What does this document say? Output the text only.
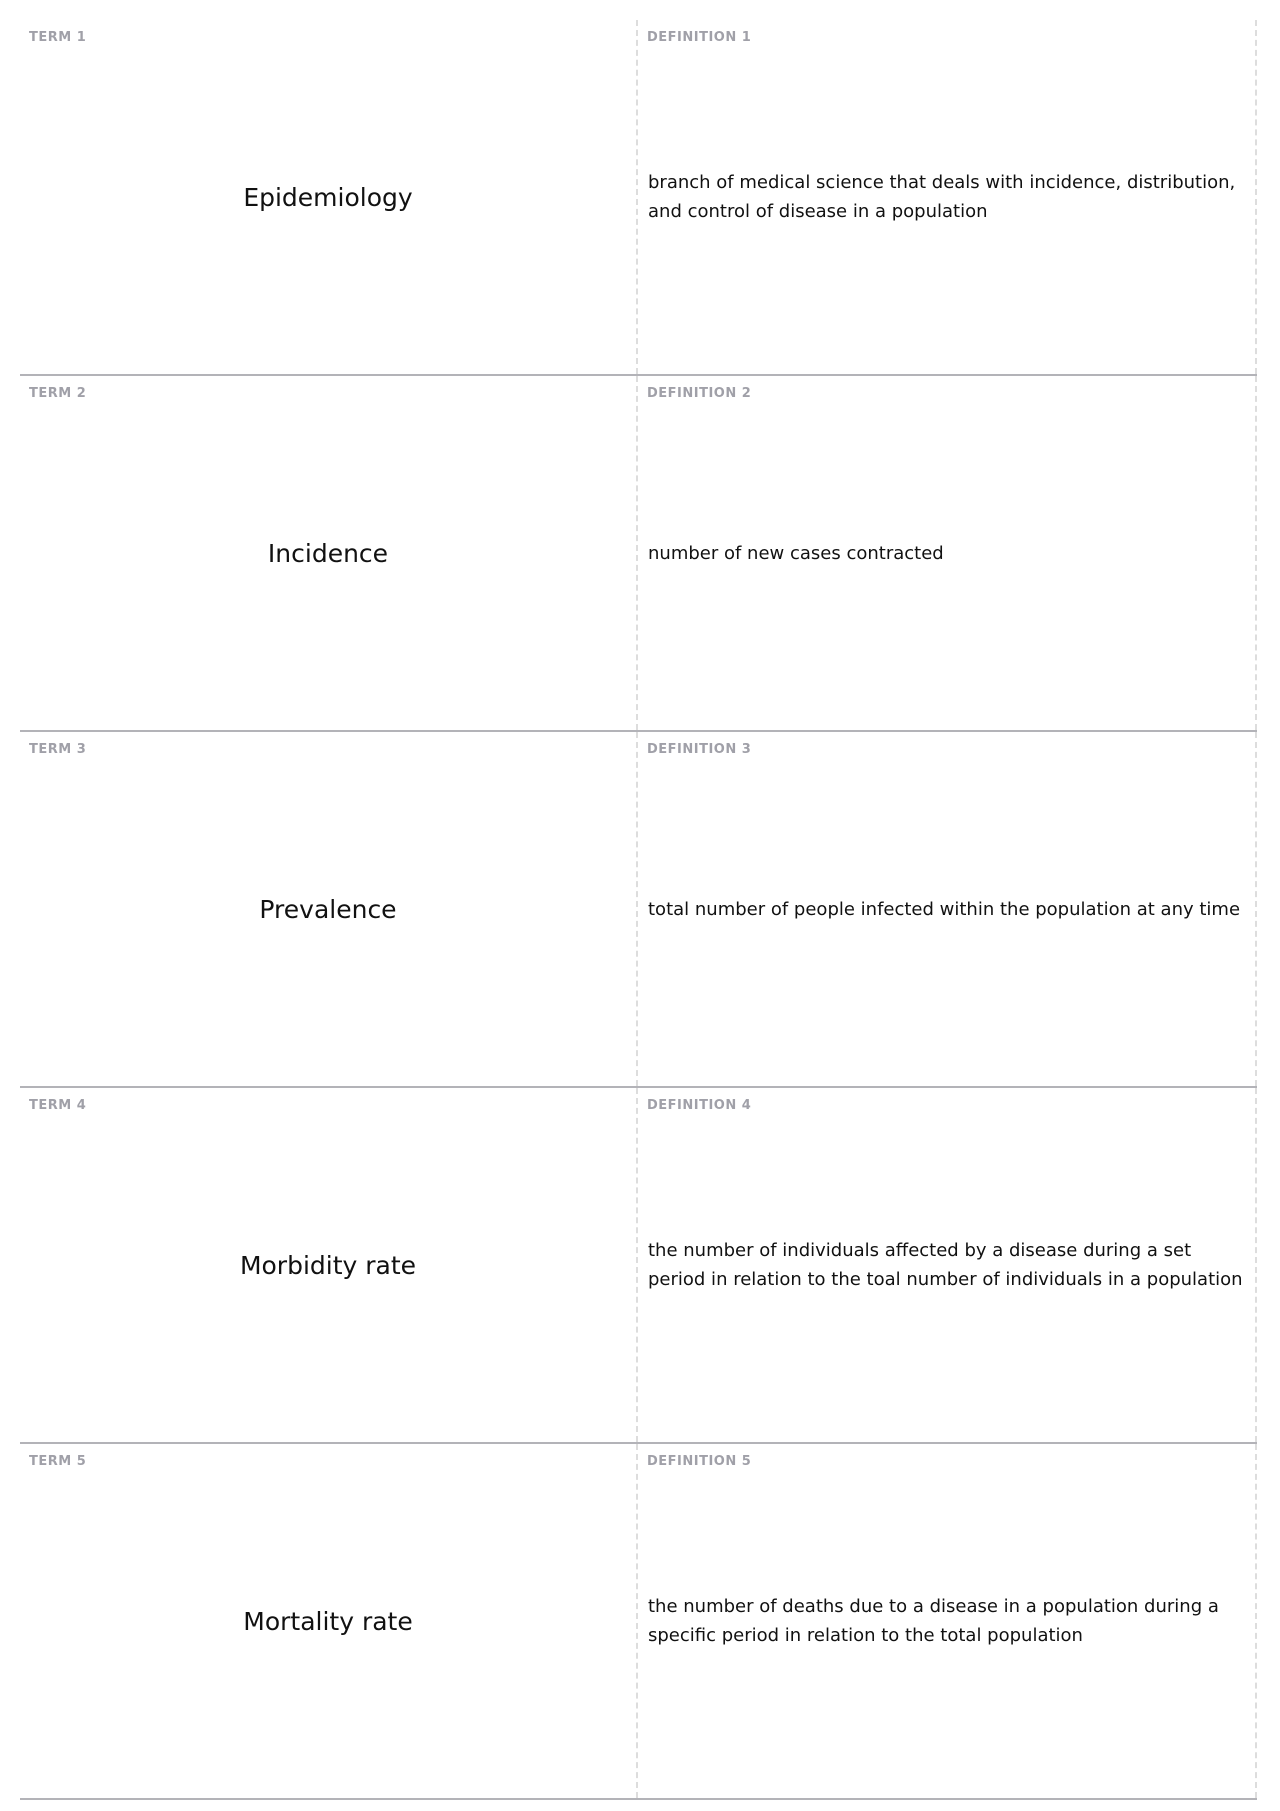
TERM 1
Epidemiology
DEFINITION 1
branch of medical science that deals with incidence, distribution, and control of disease in a population
TERM 2
Incidence
DEFINITION 2
number of new cases contracted
TERM 3
Prevalence
DEFINITION 3
total number of people infected within the population at any time
TERM 4
Morbidity rate
DEFINITION 4
the number of individuals affected by a disease during a set period in relation to the toal number of individuals in a population
TERM 5
Mortality rate
DEFINITION 5
the number of deaths due to a disease in a population during a specific period in relation to the total population
